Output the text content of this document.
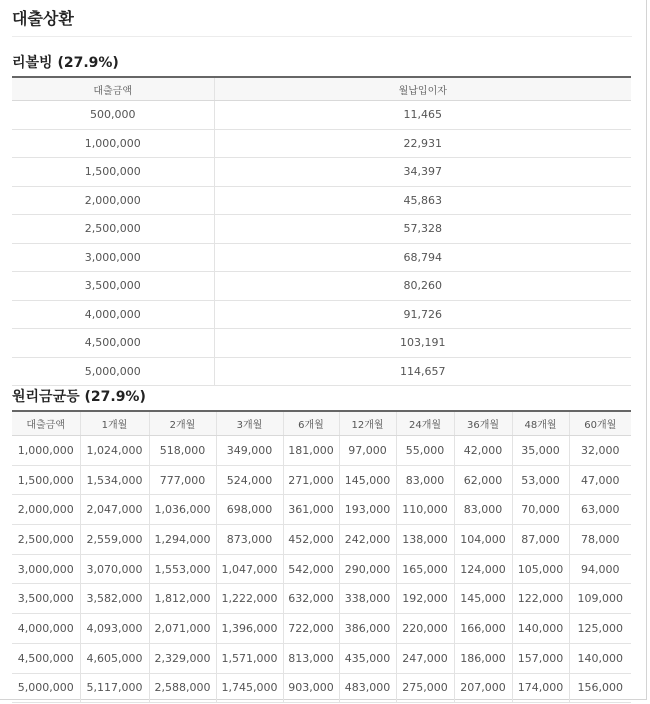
대출상환
리볼빙 (27.9%)
대출금액	월납입이자
500,000	11,465
1,000,000	22,931
1,500,000	34,397
2,000,000	45,863
2,500,000	57,328
3,000,000	68,794
3,500,000	80,260
4,000,000	91,726
4,500,000	103,191
5,000,000	114,657
원리금균등 (27.9%)
대출금액	1개월	2개월	3개월	6개월	12개월	24개월	36개월	48개월	60개월
1,000,000	1,024,000	518,000	349,000	181,000	97,000	55,000	42,000	35,000	32,000
1,500,000	1,534,000	777,000	524,000	271,000	145,000	83,000	62,000	53,000	47,000
2,000,000	2,047,000	1,036,000	698,000	361,000	193,000	110,000	83,000	70,000	63,000
2,500,000	2,559,000	1,294,000	873,000	452,000	242,000	138,000	104,000	87,000	78,000
3,000,000	3,070,000	1,553,000	1,047,000	542,000	290,000	165,000	124,000	105,000	94,000
3,500,000	3,582,000	1,812,000	1,222,000	632,000	338,000	192,000	145,000	122,000	109,000
4,000,000	4,093,000	2,071,000	1,396,000	722,000	386,000	220,000	166,000	140,000	125,000
4,500,000	4,605,000	2,329,000	1,571,000	813,000	435,000	247,000	186,000	157,000	140,000
5,000,000	5,117,000	2,588,000	1,745,000	903,000	483,000	275,000	207,000	174,000	156,000
